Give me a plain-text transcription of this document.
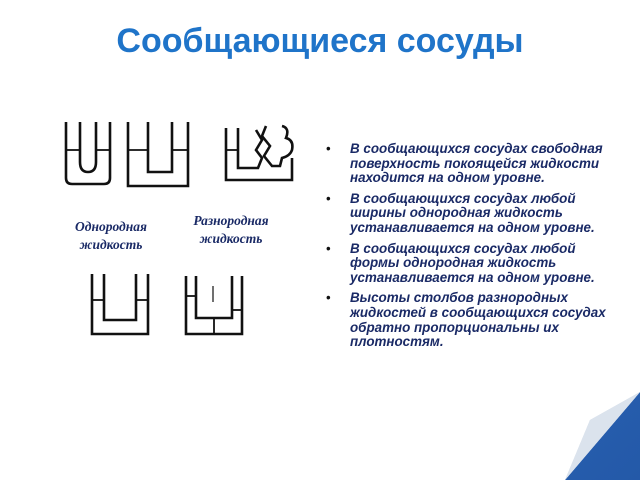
Сообщающиеся сосуды
Однородная
жидкость
Разнородная
жидкость
• В сообщающихся сосудах свободная поверхность покоящейся жидкости находится на одном уровне.
• В сообщающихся сосудах любой ширины однородная жидкость устанавливается на одном уровне.
• В сообщающихся сосудах любой формы однородная жидкость устанавливается на одном уровне.
• Высоты столбов разнородных жидкостей в сообщающихся сосудах обратно пропорциональны их плотностям.
